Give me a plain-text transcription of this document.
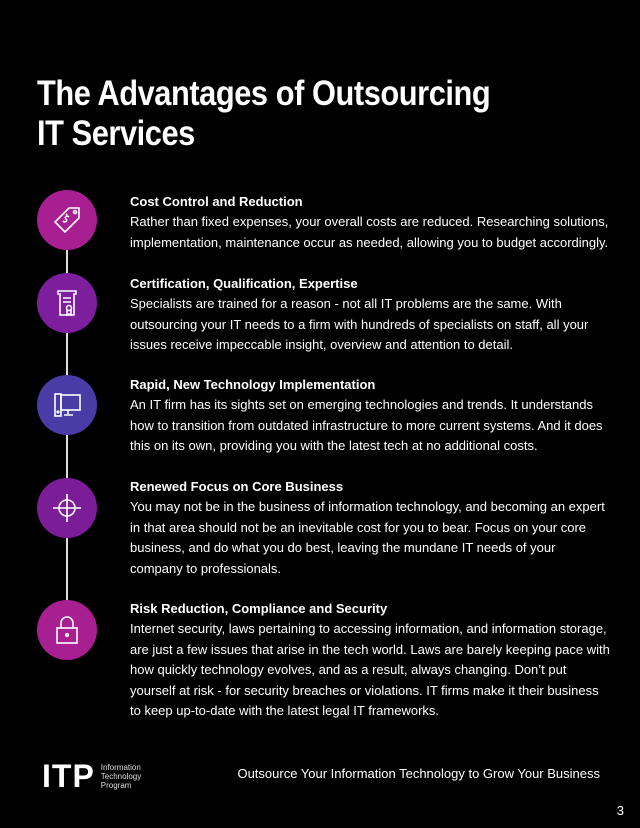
The Advantages of Outsourcing
IT Services
Cost Control and Reduction

Rather than fixed expenses, your overall costs are reduced. Researching solutions, implementation, maintenance occur as needed, allowing you to budget accordingly.

Certification, Qualification, Expertise

Specialists are trained for a reason - not all IT problems are the same. With outsourcing your IT needs to a firm with hundreds of specialists on staff, all your issues receive impeccable insight, overview and attention to detail.

Rapid, New Technology Implementation

An IT firm has its sights set on emerging technologies and trends. It understands how to transition from outdated infrastructure to more current systems. And it does this on its own, providing you with the latest tech at no additional costs.

Renewed Focus on Core Business

You may not be in the business of information technology, and becoming an expert in that area should not be an inevitable cost for you to bear. Focus on your core business, and do what you do best, leaving the mundane IT needs of your company to professionals.

Risk Reduction, Compliance and Security

Internet security, laws pertaining to accessing information, and information storage, are just a few issues that arise in the tech world. Laws are barely keeping pace with how quickly technology evolves, and as a result, always changing. Don’t put yourself at risk - for security breaches or violations. IT firms make it their business to keep up-to-date with the latest legal IT frameworks.

ITP Information
Technology
Program
Outsource Your Information Technology to Grow Your Business
3
